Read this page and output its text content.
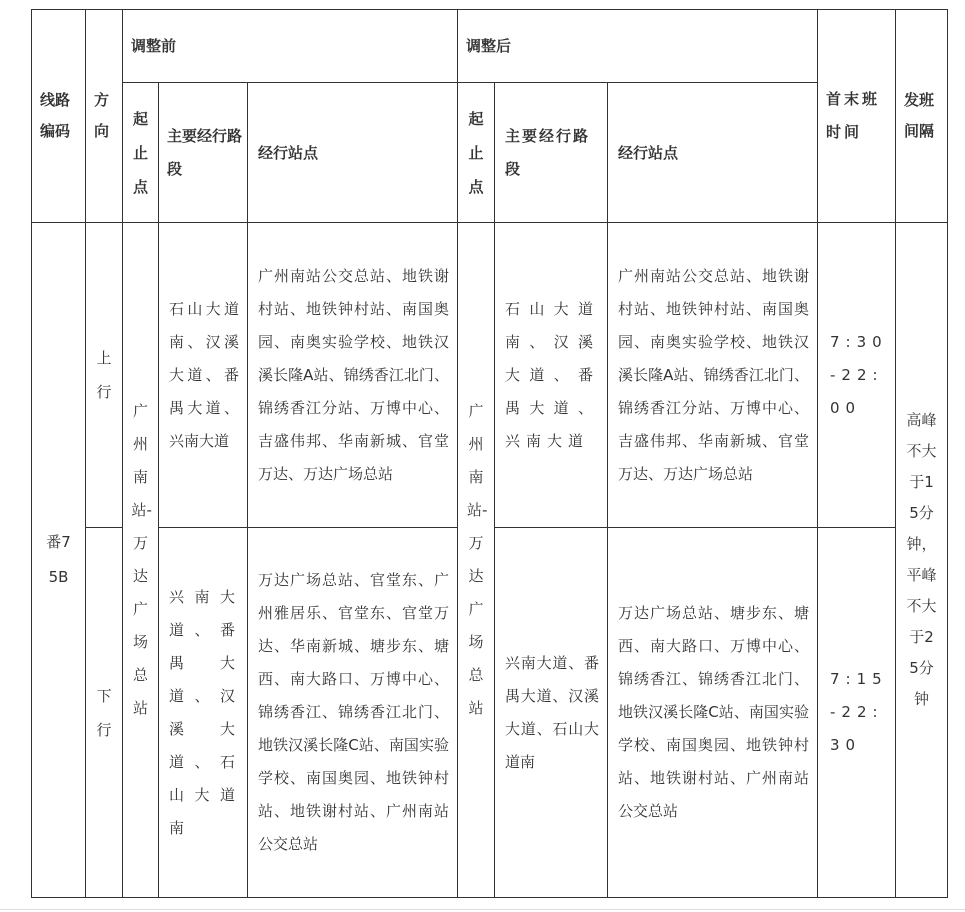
线路编码	方向	调整前			调整后			首末班时间	发班间隔

		起止点	主要经行路段	经行站点	起止点	主要经行路段	经行站点		

番75B	上行	广州南站-万达广场总站	石山大道南、汉溪大道、番禺大道、兴南大道	广州南站公交总站、地铁谢村站、地铁钟村站、南国奥园、南奥实验学校、地铁汉溪长隆A站、锦绣香江北门、锦绣香江分站、万博中心、吉盛伟邦、华南新城、官堂万达、万达广场总站	广州南站-万达广场总站	石山大道南、汉溪大道、番禺大道、兴南大道	广州南站公交总站、地铁谢村站、地铁钟村站、南国奥园、南奥实验学校、地铁汉溪长隆A站、锦绣香江北门、锦绣香江分站、万博中心、吉盛伟邦、华南新城、官堂万达、万达广场总站	7:30-22:00	高峰不大于15分钟，平峰不大于25分钟

	下行		兴南大道、番禺大道、汉溪大道、石山大道南	万达广场总站、官堂东、广州雅居乐、官堂东、官堂万达、华南新城、塘步东、塘西、南大路口、万博中心、锦绣香江、锦绣香江北门、地铁汉溪长隆C站、南国实验学校、南国奥园、地铁钟村站、地铁谢村站、广州南站公交总站		兴南大道、番禺大道、汉溪大道、石山大道南	万达广场总站、塘步东、塘西、南大路口、万博中心、锦绣香江、锦绣香江北门、地铁汉溪长隆C站、南国实验学校、南国奥园、地铁钟村站、地铁谢村站、广州南站公交总站	7:15-22:30	
